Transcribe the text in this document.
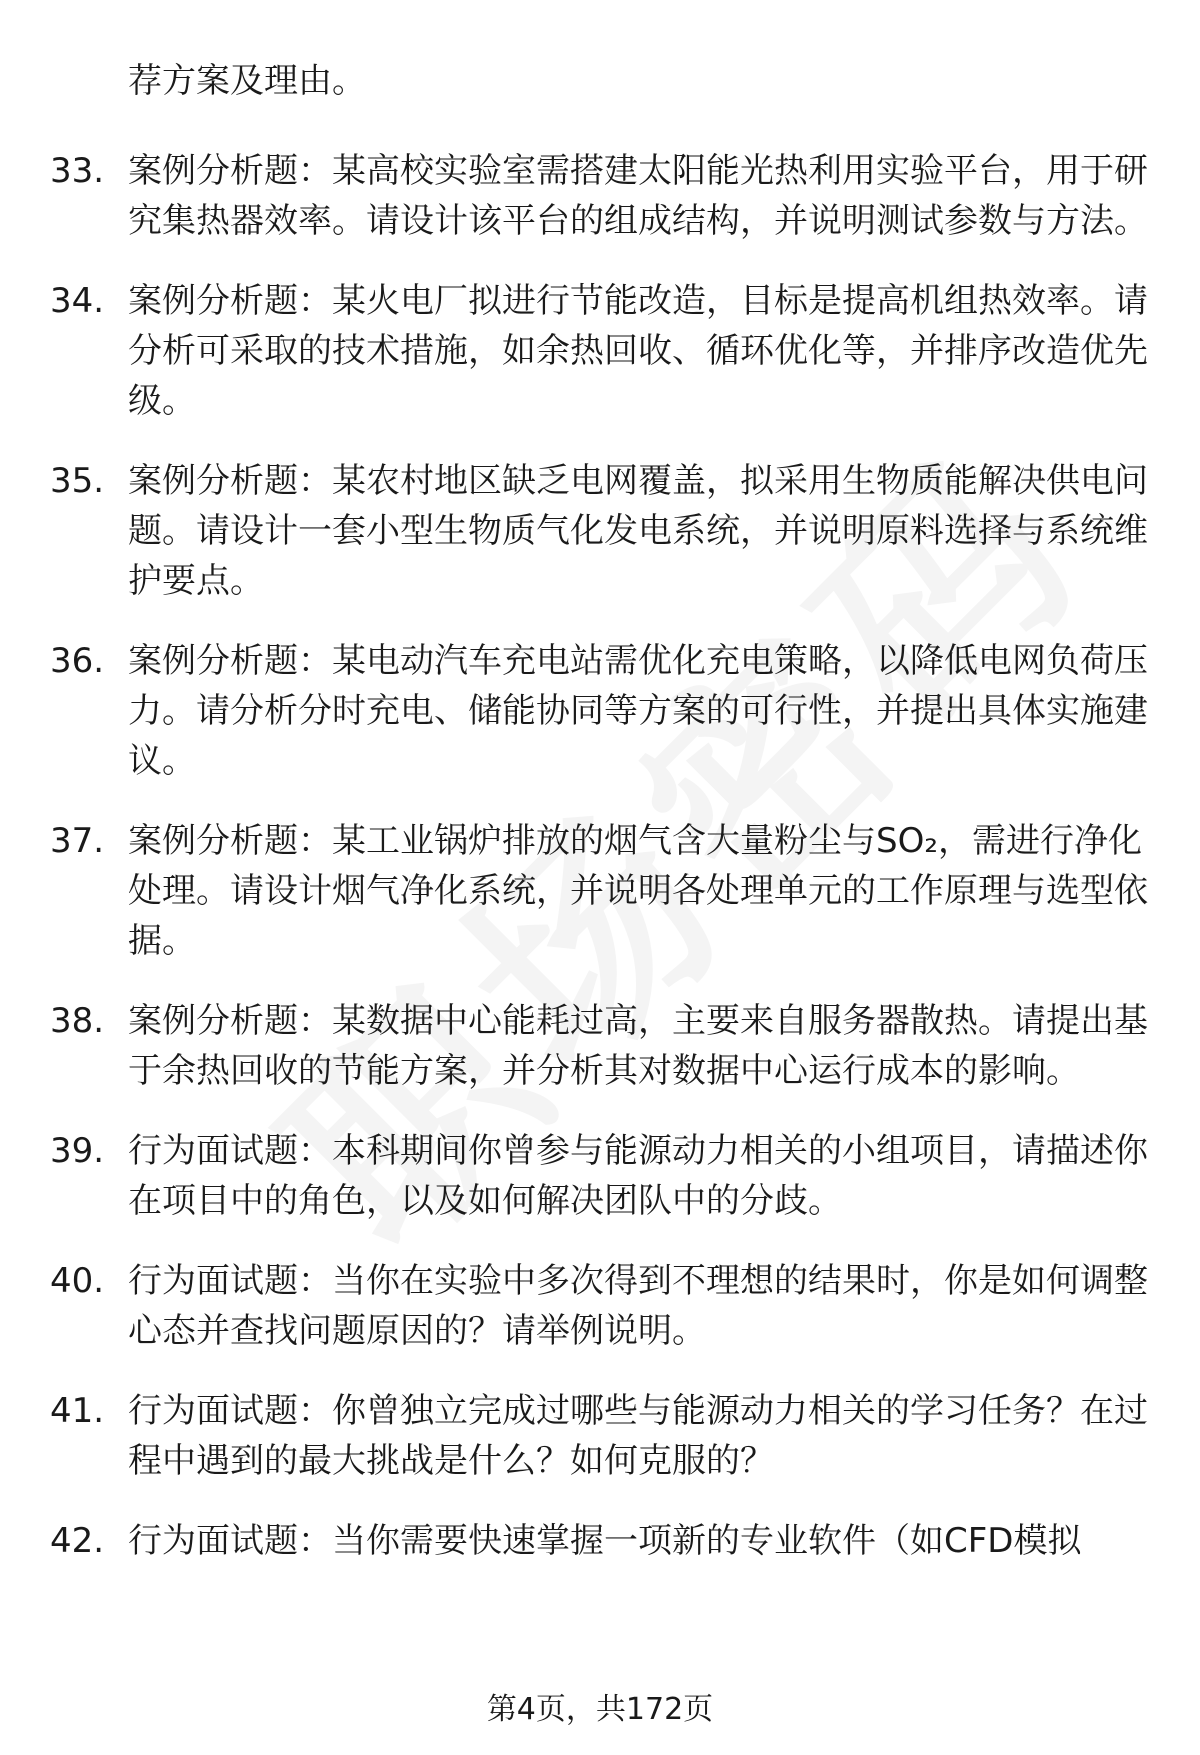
荐方案及理由。
33. 案例分析题：某高校实验室需搭建太阳能光热利用实验平台，用于研究集热器效率。请设计该平台的组成结构，并说明测试参数与方法。
34. 案例分析题：某火电厂拟进行节能改造，目标是提高机组热效率。请分析可采取的技术措施，如余热回收、循环优化等，并排序改造优先级。
35. 案例分析题：某农村地区缺乏电网覆盖，拟采用生物质能解决供电问题。请设计一套小型生物质气化发电系统，并说明原料选择与系统维护要点。
36. 案例分析题：某电动汽车充电站需优化充电策略，以降低电网负荷压力。请分析分时充电、储能协同等方案的可行性，并提出具体实施建议。
37. 案例分析题：某工业锅炉排放的烟气含大量粉尘与SO₂，需进行净化处理。请设计烟气净化系统，并说明各处理单元的工作原理与选型依据。
38. 案例分析题：某数据中心能耗过高，主要来自服务器散热。请提出基于余热回收的节能方案，并分析其对数据中心运行成本的影响。
39. 行为面试题：本科期间你曾参与能源动力相关的小组项目，请描述你在项目中的角色，以及如何解决团队中的分歧。
40. 行为面试题：当你在实验中多次得到不理想的结果时，你是如何调整心态并查找问题原因的？请举例说明。
41. 行为面试题：你曾独立完成过哪些与能源动力相关的学习任务？在过程中遇到的最大挑战是什么？如何克服的？
42. 行为面试题：当你需要快速掌握一项新的专业软件（如CFD模拟
第4页，共172页
